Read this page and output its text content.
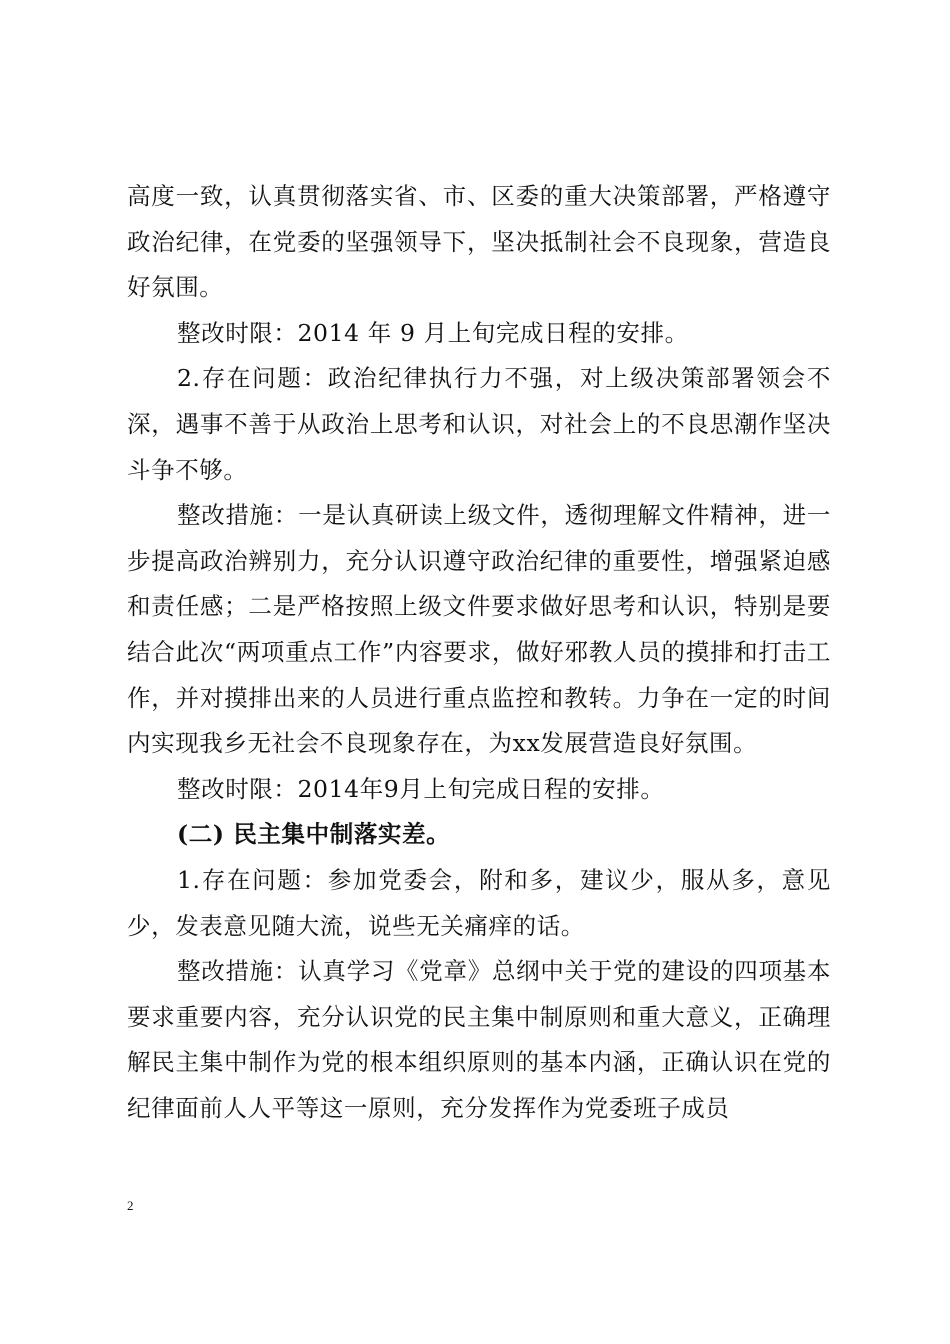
高度一致，认真贯彻落实省、市、区委的重大决策部署，严格遵守政治纪律，在党委的坚强领导下，坚决抵制社会不良现象，营造良好氛围。

整改时限：2014 年 9 月上旬完成日程的安排。

2.存在问题：政治纪律执行力不强，对上级决策部署领会不深，遇事不善于从政治上思考和认识，对社会上的不良思潮作坚决斗争不够。

整改措施：一是认真研读上级文件，透彻理解文件精神，进一步提高政治辨别力，充分认识遵守政治纪律的重要性，增强紧迫感和责任感；二是严格按照上级文件要求做好思考和认识，特别是要结合此次“两项重点工作”内容要求，做好邪教人员的摸排和打击工作，并对摸排出来的人员进行重点监控和教转。力争在一定的时间内实现我乡无社会不良现象存在，为xx发展营造良好氛围。

整改时限：2014年9月上旬完成日程的安排。

(二) 民主集中制落实差。

1.存在问题：参加党委会，附和多，建议少，服从多，意见少，发表意见随大流，说些无关痛痒的话。

整改措施：认真学习《党章》总纲中关于党的建设的四项基本要求重要内容，充分认识党的民主集中制原则和重大意义，正确理解民主集中制作为党的根本组织原则的基本内涵，正确认识在党的纪律面前人人平等这一原则，充分发挥作为党委班子成员

2
